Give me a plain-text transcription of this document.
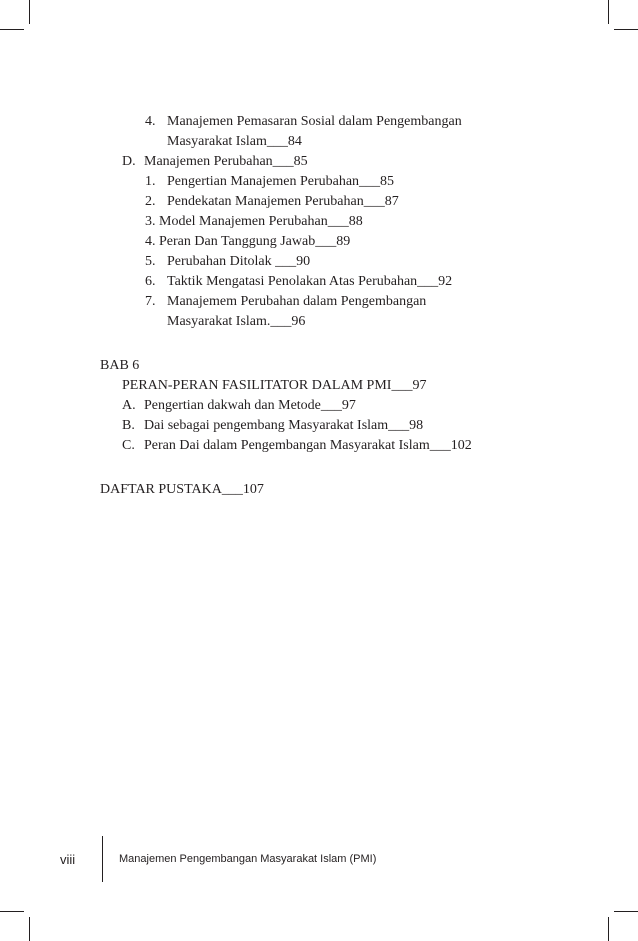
4. Manajemen Pemasaran Sosial dalam Pengembangan
Masyarakat Islam___84
D. Manajemen Perubahan___85
1. Pengertian Manajemen Perubahan___85
2. Pendekatan Manajemen Perubahan___87
3. Model Manajemen Perubahan___88
4. Peran Dan Tanggung Jawab___89
5. Perubahan Ditolak ___90
6. Taktik Mengatasi Penolakan Atas Perubahan___92
7. Manajemem Perubahan dalam Pengembangan
Masyarakat Islam.___96
BAB 6
PERAN-PERAN FASILITATOR DALAM PMI___97
A. Pengertian dakwah dan Metode___97
B. Dai sebagai pengembang Masyarakat Islam___98
C. Peran Dai dalam Pengembangan Masyarakat Islam___102
DAFTAR PUSTAKA___107
viii	Manajemen Pengembangan Masyarakat Islam (PMI)
